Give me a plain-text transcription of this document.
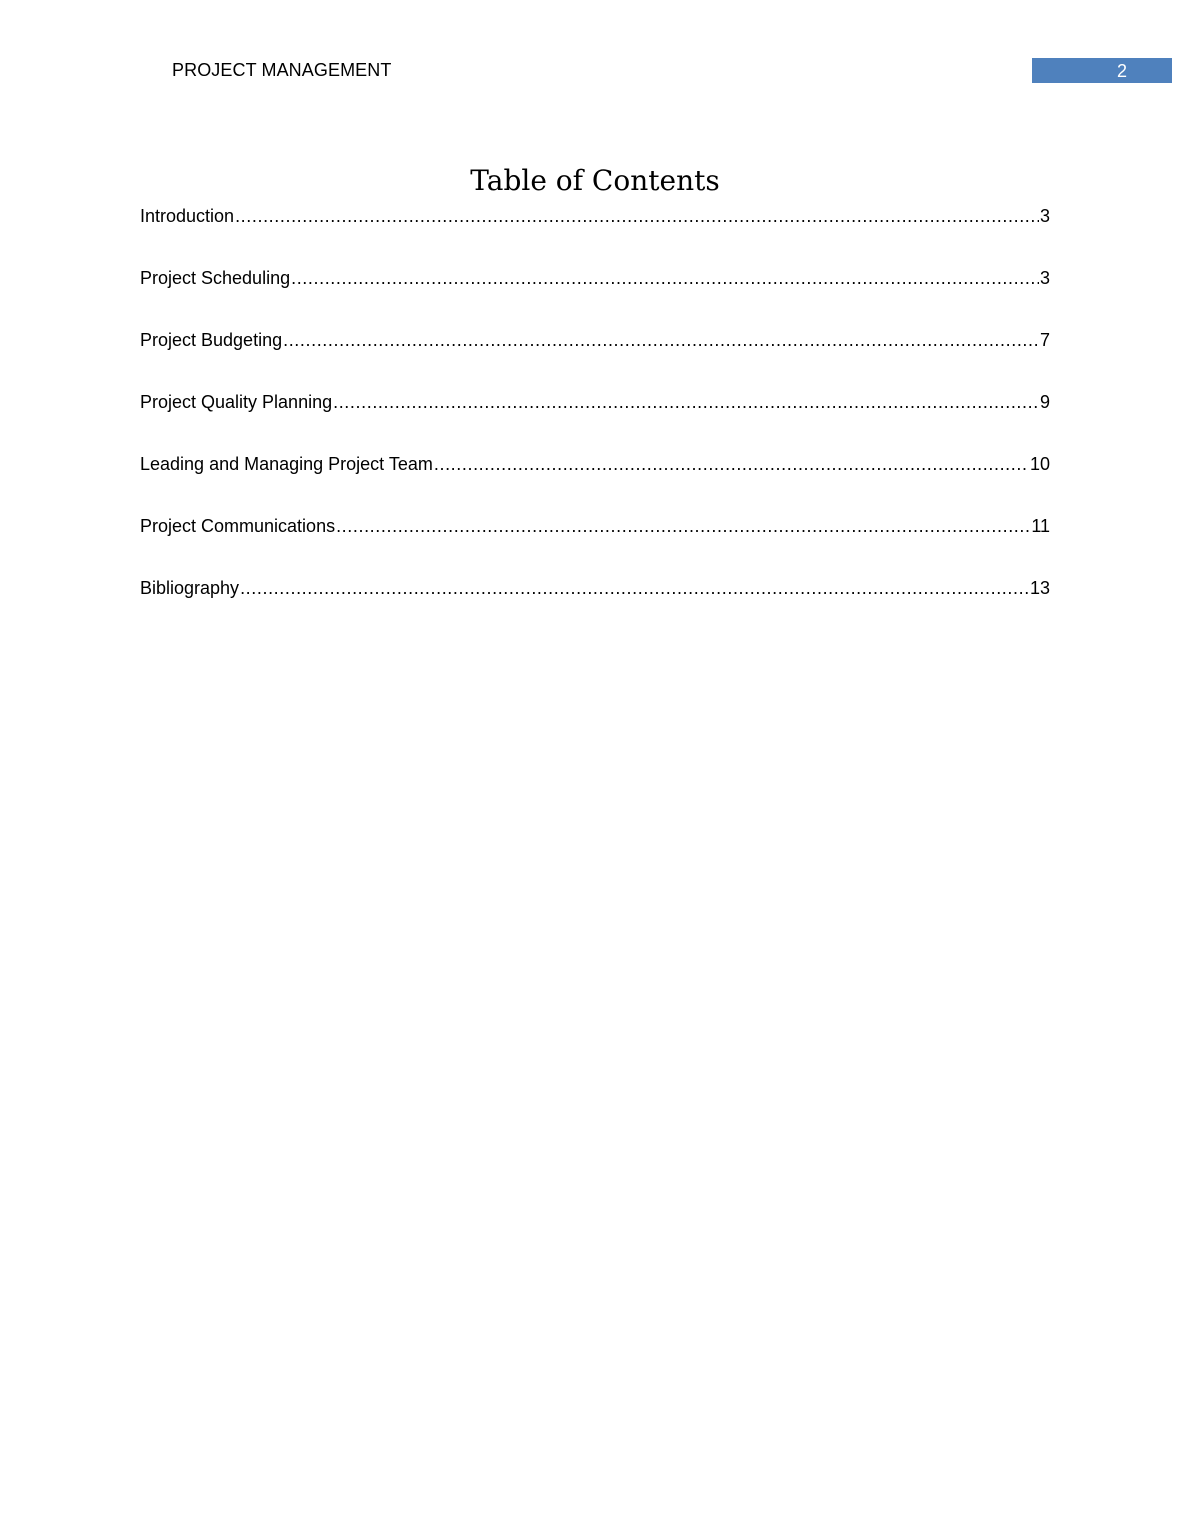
PROJECT MANAGEMENT	2
Table of Contents
Introduction .....	3
Project Scheduling .....	3
Project Budgeting .....	7
Project Quality Planning .....	9
Leading and Managing Project Team .....	10
Project Communications .....	11
Bibliography .....	13
